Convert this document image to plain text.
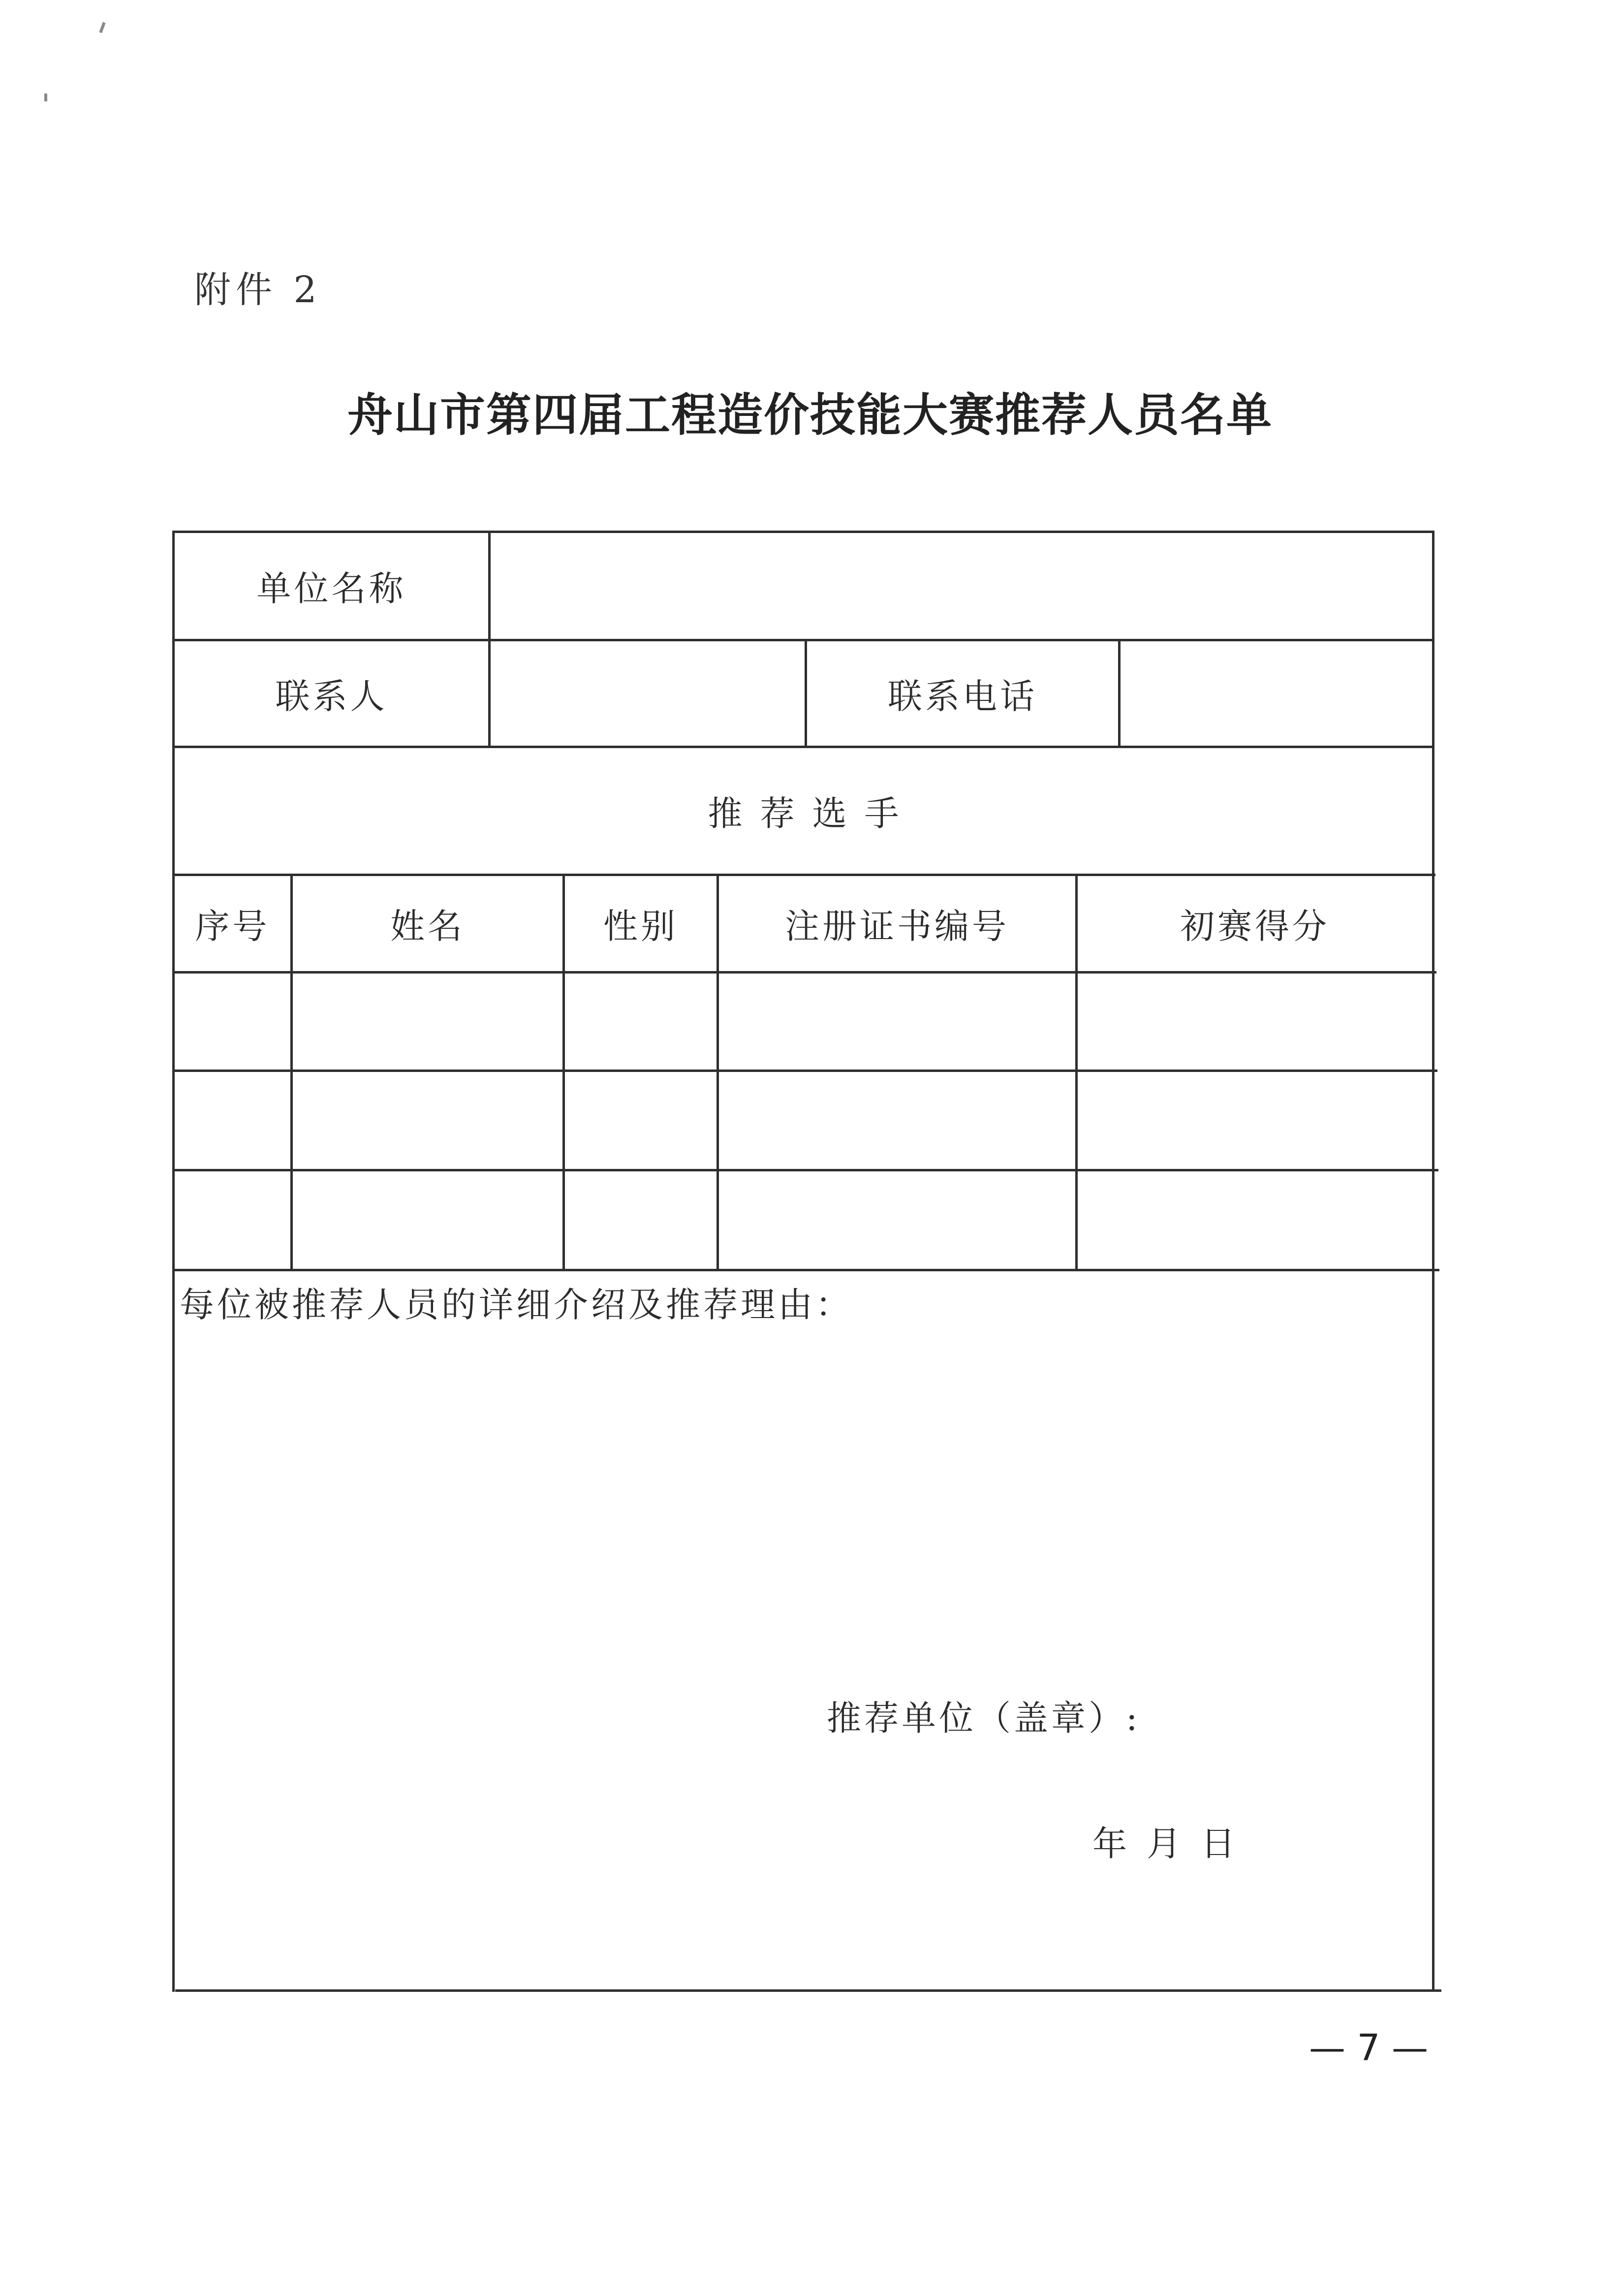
附件 2
舟山市第四届工程造价技能大赛推荐人员名单
单位名称
联系人	联系电话
推荐选手
序号	姓名	性别	注册证书编号	初赛得分
每位被推荐人员的详细介绍及推荐理由：
推荐单位（盖章）:
年月日
— 7 —
